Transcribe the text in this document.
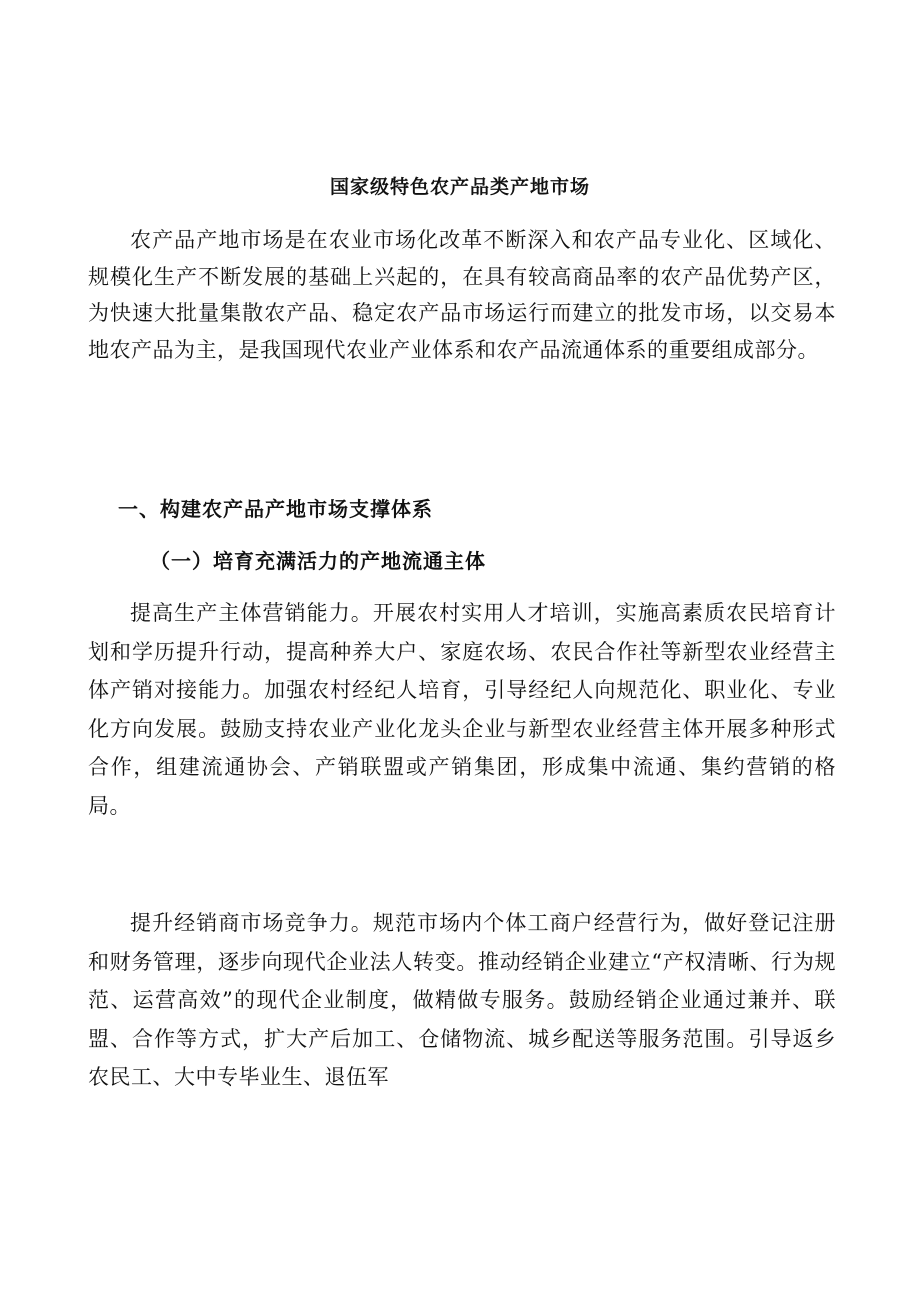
国家级特色农产品类产地市场

农产品产地市场是在农业市场化改革不断深入和农产品专业化、区域化、规模化生产不断发展的基础上兴起的，在具有较高商品率的农产品优势产区，为快速大批量集散农产品、稳定农产品市场运行而建立的批发市场，以交易本地农产品为主，是我国现代农业产业体系和农产品流通体系的重要组成部分。

一、构建农产品产地市场支撑体系
（一）培育充满活力的产地流通主体

提高生产主体营销能力。开展农村实用人才培训，实施高素质农民培育计划和学历提升行动，提高种养大户、家庭农场、农民合作社等新型农业经营主体产销对接能力。加强农村经纪人培育，引导经纪人向规范化、职业化、专业化方向发展。鼓励支持农业产业化龙头企业与新型农业经营主体开展多种形式合作，组建流通协会、产销联盟或产销集团，形成集中流通、集约营销的格局。

提升经销商市场竞争力。规范市场内个体工商户经营行为，做好登记注册和财务管理，逐步向现代企业法人转变。推动经销企业建立“产权清晰、行为规范、运营高效”的现代企业制度，做精做专服务。鼓励经销企业通过兼并、联盟、合作等方式，扩大产后加工、仓储物流、城乡配送等服务范围。引导返乡农民工、大中专毕业生、退伍军
